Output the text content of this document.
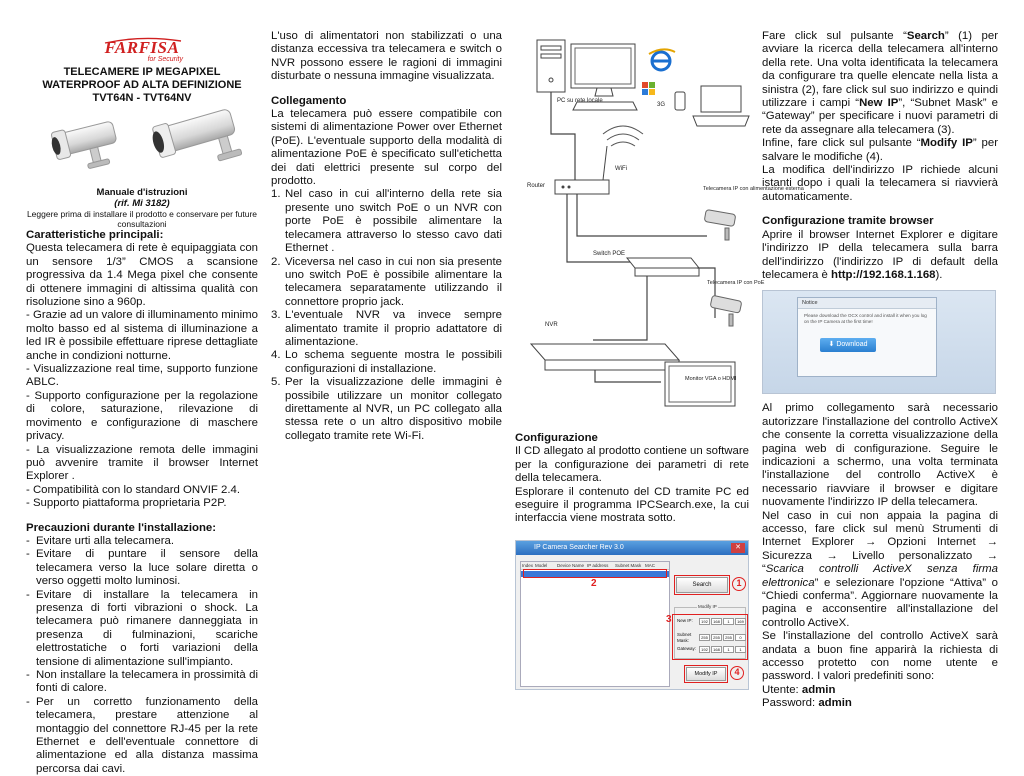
FARFISA
for Security
TELECAMERE IP MEGAPIXEL
WATERPROOF AD ALTA DEFINIZIONE
TVT64N - TVT64NV
Manuale d'istruzioni
(rif. Mi 3182)
Leggere prima di installare il prodotto e conservare per future consultazioni

Caratteristiche principali:

Questa telecamera di rete è equipaggiata con un sensore 1/3” CMOS a scansione progressiva da 1.4 Mega pixel che consente di ottenere immagini di altissima qualità con risoluzione sino a 960p.

- Grazie ad un valore di illuminamento minimo molto basso ed al sistema di illuminazione a led IR è possibile effettuare riprese dettagliate anche in condizioni notturne.

- Visualizzazione real time, supporto funzione ABLC.

- Supporto configurazione per la regolazione di colore, saturazione, rilevazione di movimento e configurazione di maschere privacy.

- La visualizzazione remota delle immagini può avvenire tramite il browser Internet Explorer .

- Compatibilità con lo standard ONVIF 2.4.

- Supporto piattaforma proprietaria P2P.

Precauzioni durante l'installazione:

- Evitare urti alla telecamera.
- Evitare di puntare il sensore della telecamera verso la luce solare diretta o verso oggetti molto luminosi.
- Evitare di installare la telecamera in presenza di forti vibrazioni o shock. La telecamera può rimanere danneggiata in presenza di fulminazioni, scariche elettrostatiche o forti variazioni della tensione di alimentazione sull'impianto.
- Non installare la telecamera in prossimità di fonti di calore.
- Per un corretto funzionamento della telecamera, prestare attenzione al montaggio del connettore RJ-45 per la rete Ethernet e dell'eventuale connettore di alimentazione ed alla distanza massima percorsa dai cavi.

L'uso di alimentatori non stabilizzati o una distanza eccessiva tra telecamera e switch o NVR possono essere le ragioni di immagini disturbate o nessuna immagine visualizzata.

Collegamento

La telecamera può essere compatibile con sistemi di alimentazione Power over Ethernet (PoE). L'eventuale supporto della modalità di alimentazione PoE è specificato sull'etichetta dei dati elettrici presente sul corpo del prodotto.

1. Nel caso in cui all'interno della rete sia presente uno switch PoE o un NVR con porte PoE è possibile alimentare la telecamera attraverso lo stesso cavo dati Ethernet .
2. Viceversa nel caso in cui non sia presente uno switch PoE è possibile alimentare la telecamera separatamente utilizzando il connettore proprio jack.
3. L'eventuale NVR va invece sempre alimentato tramite il proprio adattatore di alimentazione.
4. Lo schema seguente mostra le possibili configurazioni di installazione.
5. Per la visualizzazione delle immagini è possibile utilizzare un monitor collegato direttamente al NVR, un PC collegato alla stessa rete o un altro dispositivo mobile collegato tramite rete Wi-Fi.
PC su rete locale
3G
WiFi
Router	Telecamera IP con alimentazione esterna
Switch POE
Telecamera IP con PoE
NVR
Monitor VGA o HDMI

Configurazione

Il CD allegato al prodotto contiene un software per la configurazione dei parametri di rete della telecamera.

Esplorare il contenuto del CD tramite PC ed eseguire il programma IPCSearch.exe, la cui interfaccia viene mostrata sotto.

IP Camera Searcher Rev 3.0	✕
Index Model	Device Name IP address	Subnet Mask MAC
2	Search	1
Modify IP
New IP:	192	168	1	169
Subnet Mask:	255	255	255	0
Gateway:	192	168	1	1
3
Modify IP	4

Fare click sul pulsante “Search” (1) per avviare la ricerca della telecamera all'interno della rete. Una volta identificata la telecamera da configurare tra quelle elencate nella lista a sinistra (2), fare click sul suo indirizzo e quindi utilizzare i campi “New IP”, “Subnet Mask” e “Gateway” per specificare i nuovi parametri di rete da assegnare alla telecamera (3).

Infine, fare click sul pulsante “Modify IP” per salvare le modifiche (4).

La modifica dell'indirizzo IP richiede alcuni istanti dopo i quali la telecamera si riavvierà automaticamente.

Configurazione tramite browser

Aprire il browser Internet Explorer e digitare l'indirizzo IP della telecamera sulla barra dell'indirizzo (l'indirizzo IP di default della telecamera è http://192.168.1.168).

Notice
Please download the OCX control and install it when you log on the IP Camera at the first time!
⬇ Download

Al primo collegamento sarà necessario autorizzare l'installazione del controllo ActiveX che consente la corretta visualizzazione della pagina web di configurazione. Seguire le indicazioni a schermo, una volta terminata l'installazione del controllo ActiveX è necessario riavviare il browser e digitare nuovamente l'indirizzo IP della telecamera.

Nel caso in cui non appaia la pagina di accesso, fare click sul menù Strumenti di Internet Explorer → Opzioni Internet → Sicurezza → Livello personalizzato → “Scarica controlli ActiveX senza firma elettronica” e selezionare l'opzione “Attiva” o “Chiedi conferma”. Aggiornare nuovamente la pagina e acconsentire all'installazione del controllo ActiveX.

Se l'installazione del controllo ActiveX sarà andata a buon fine apparirà la richiesta di accesso protetto con nome utente e password. I valori predefiniti sono:

Utente: admin

Password: admin
